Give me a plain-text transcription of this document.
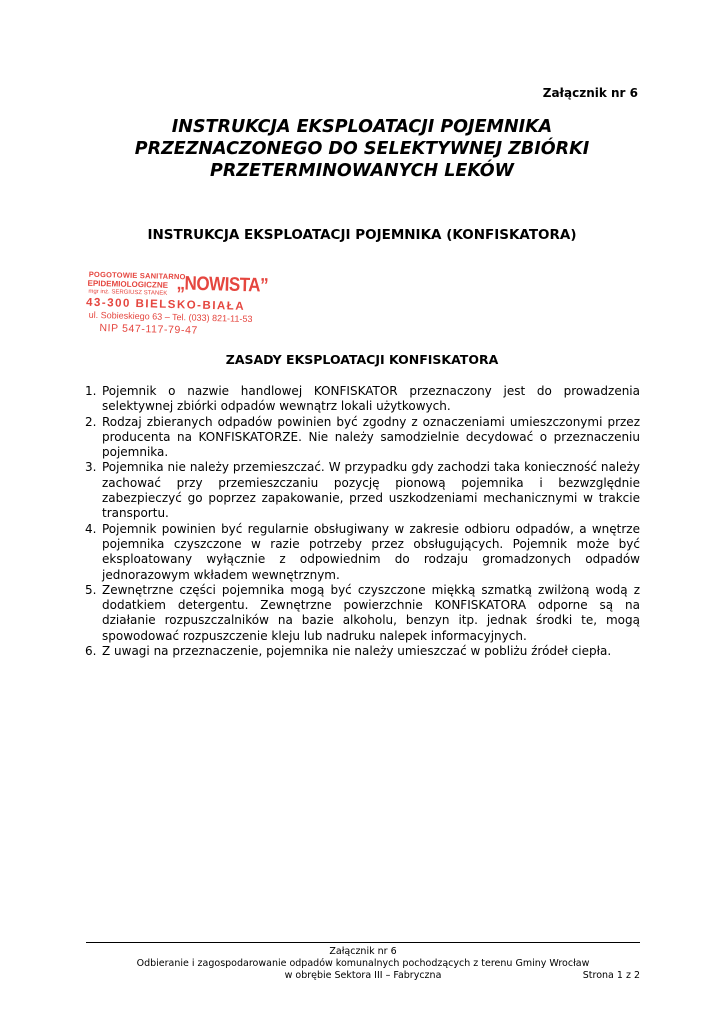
Załącznik nr 6
INSTRUKCJA EKSPLOATACJI POJEMNIKA
PRZEZNACZONEGO DO SELEKTYWNEJ ZBIÓRKI
PRZETERMINOWANYCH LEKÓW
INSTRUKCJA EKSPLOATACJI POJEMNIKA (KONFISKATORA)
POGOTOWIE SANITARNO
EPIDEMIOLOGICZNE
mgr inż. SERGIUSZ STANEK „NOWISTA”
43-300 BIELSKO-BIAŁA
ul. Sobieskiego 63 – Tel. (033) 821-11-53
NIP 547-117-79-47
ZASADY EKSPLOATACJI KONFISKATORA
1. Pojemnik o nazwie handlowej KONFISKATOR przeznaczony jest do prowadzenia selektywnej zbiórki odpadów wewnątrz lokali użytkowych.
2. Rodzaj zbieranych odpadów powinien być zgodny z oznaczeniami umieszczonymi przez producenta na KONFISKATORZE. Nie należy samodzielnie decydować o przeznaczeniu pojemnika.
3. Pojemnika nie należy przemieszczać. W przypadku gdy zachodzi taka konieczność należy zachować przy przemieszczaniu pozycję pionową pojemnika i bezwzględnie zabezpieczyć go poprzez zapakowanie, przed uszkodzeniami mechanicznymi w trakcie transportu.
4. Pojemnik powinien być regularnie obsługiwany w zakresie odbioru odpadów, a wnętrze pojemnika czyszczone w razie potrzeby przez obsługujących. Pojemnik może być eksploatowany wyłącznie z odpowiednim do rodzaju gromadzonych odpadów jednorazowym wkładem wewnętrznym.
5. Zewnętrzne części pojemnika mogą być czyszczone miękką szmatką zwilżoną wodą z dodatkiem detergentu. Zewnętrzne powierzchnie KONFISKATORA odporne są na działanie rozpuszczalników na bazie alkoholu, benzyn itp. jednak środki te, mogą spowodować rozpuszczenie kleju lub nadruku nalepek informacyjnych.
6. Z uwagi na przeznaczenie, pojemnika nie należy umieszczać w pobliżu źródeł ciepła.
Załącznik nr 6
Odbieranie i zagospodarowanie odpadów komunalnych pochodzących z terenu Gminy Wrocław
w obrębie Sektora III – Fabryczna	Strona 1 z 2
